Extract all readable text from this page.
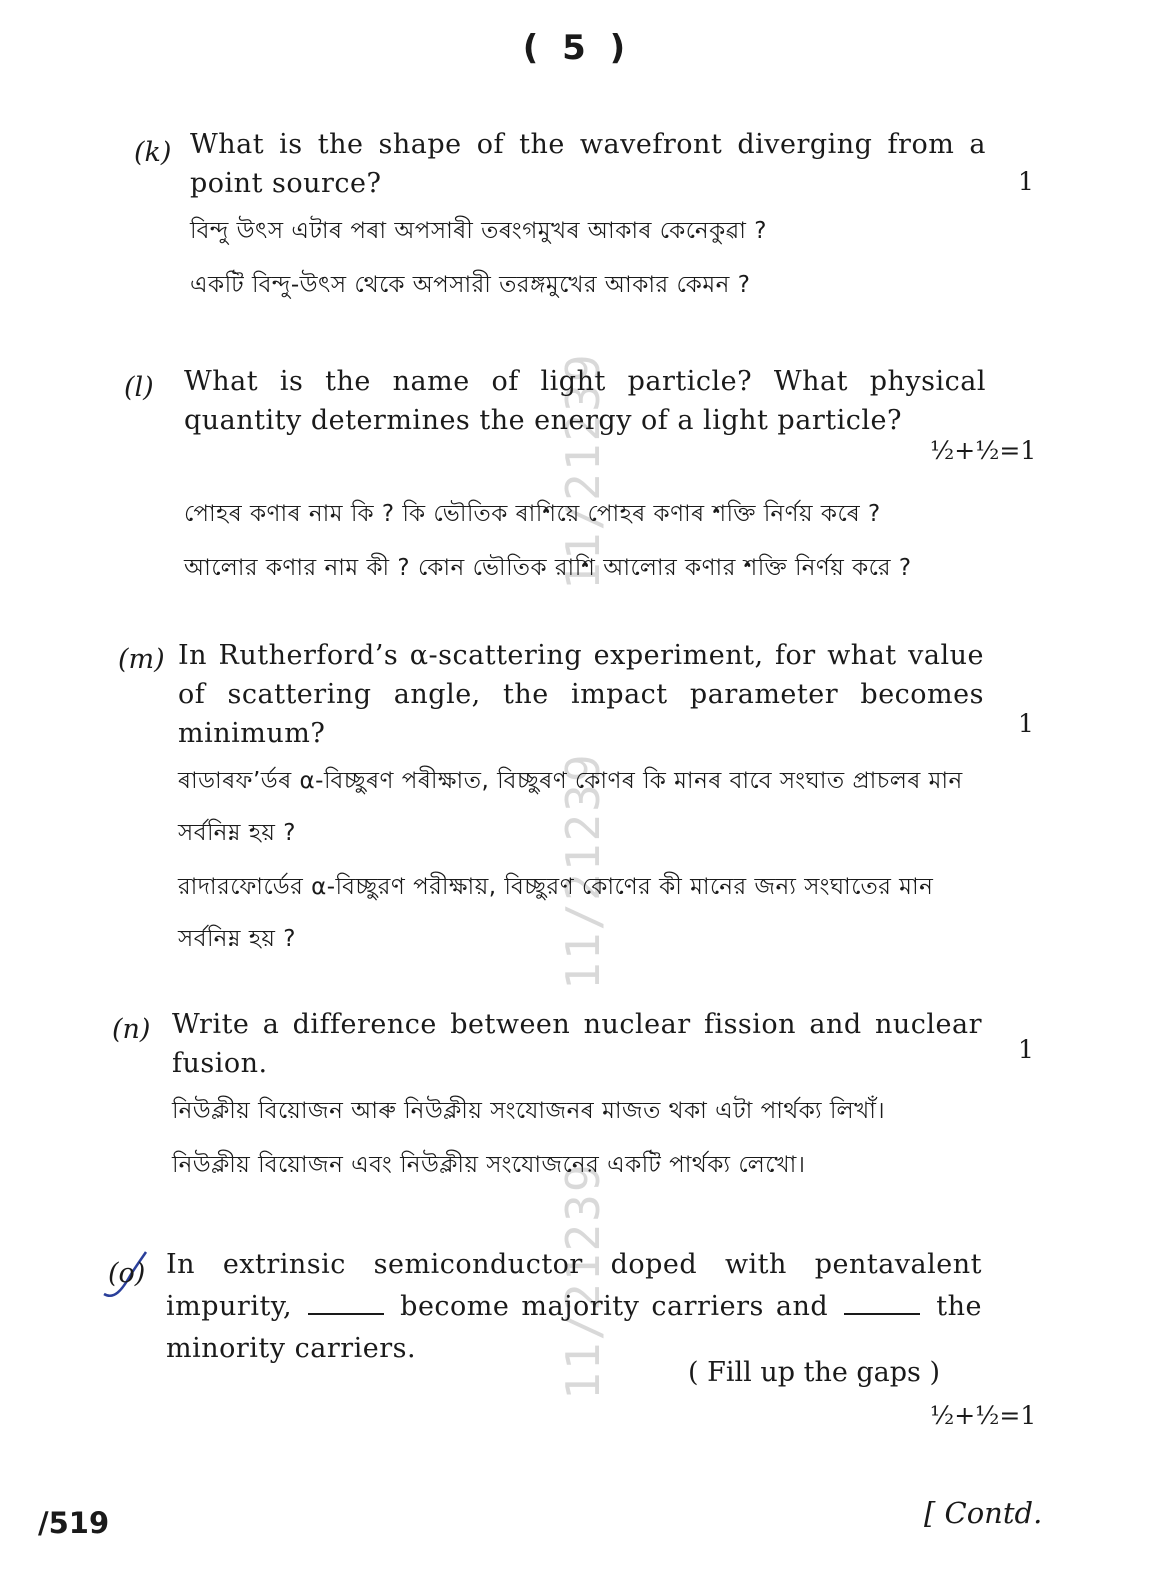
( 5 )
11/21239
11/21239
11/21239
(k) What is the shape of the wavefront diverging from a point source?
বিন্দু উৎস এটাৰ পৰা অপসাৰী তৰংগমুখৰ আকাৰ কেনেকুৱা ?
একটি বিন্দু-উৎস থেকে অপসারী তরঙ্গমুখের আকার কেমন ?
1
(l) What is the name of light particle? What physical quantity determines the energy of a light particle?
পোহৰ কণাৰ নাম কি ? কি ভৌতিক ৰাশিয়ে পোহৰ কণাৰ শক্তি নিৰ্ণয় কৰে ?
আলোর কণার নাম কী ? কোন ভৌতিক রাশি আলোর কণার শক্তি নির্ণয় করে ?
½+½=1
(m) In Rutherford’s α-scattering experiment, for what value of scattering angle, the impact parameter becomes minimum?
ৰাডাৰফ’র্ডৰ α-বিচ্ছুৰণ পৰীক্ষাত, বিচ্ছুৰণ কোণৰ কি মানৰ বাবে সংঘাত প্ৰাচলৰ মান সৰ্বনিম্ন হয় ?
রাদারফোর্ডের α-বিচ্ছুরণ পরীক্ষায়, বিচ্ছুরণ কোণের কী মানের জন্য সংঘাতের মান সর্বনিম্ন হয় ?
1
(n) Write a difference between nuclear fission and nuclear fusion.
নিউক্লীয় বিয়োজন আৰু নিউক্লীয় সংযোজনৰ মাজত থকা এটা পাৰ্থক্য লিখাঁ।
নিউক্লীয় বিয়োজন এবং নিউক্লীয় সংযোজনের একটি পার্থক্য লেখো।
1
(o) In extrinsic semiconductor doped with pentavalent impurity,	become majority carriers and	the minority carriers.
( Fill up the gaps )
½+½=1
/519	[ Contd.
